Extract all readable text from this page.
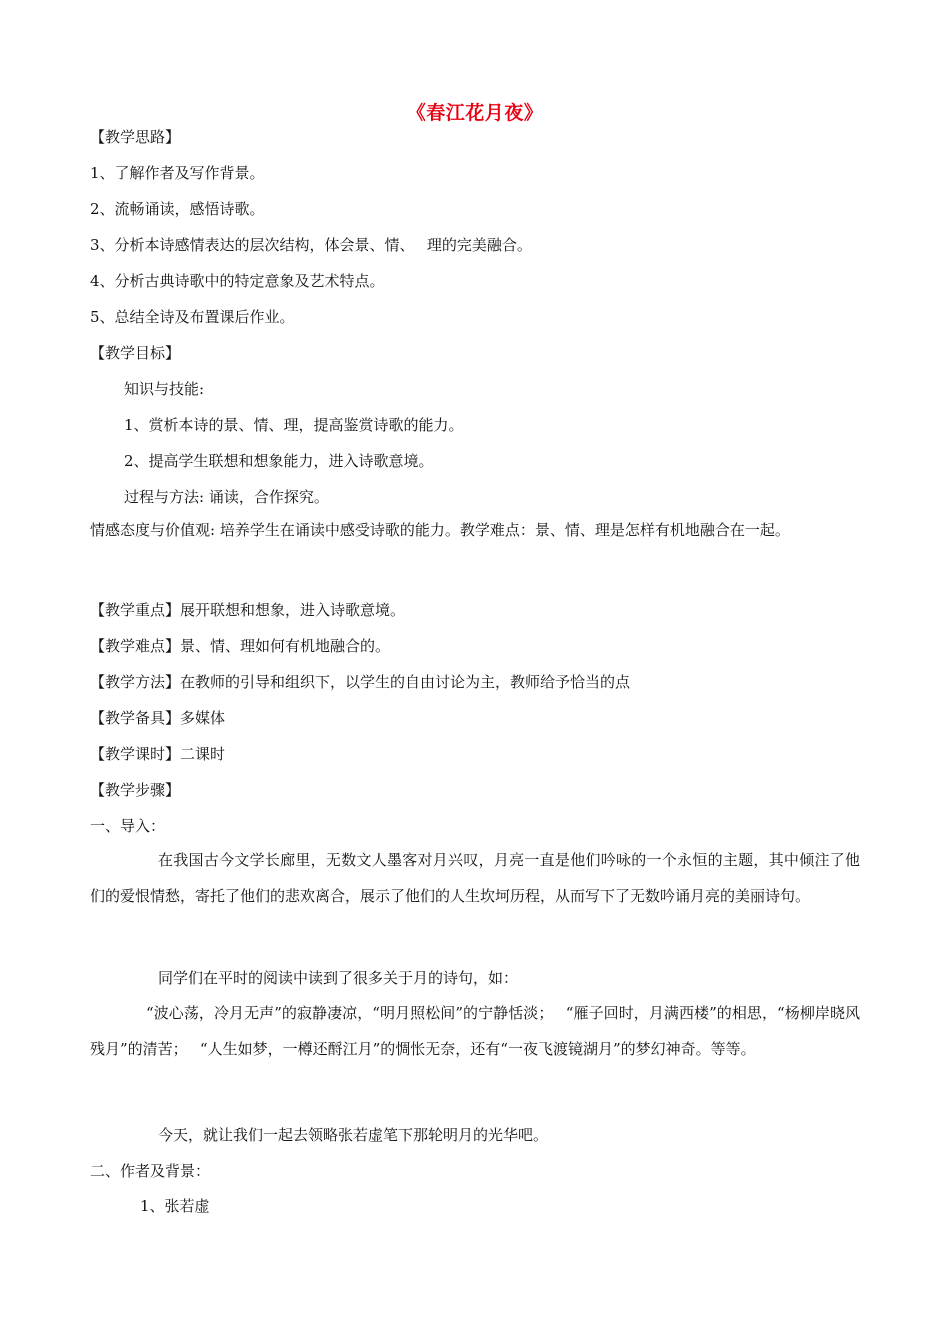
《春江花月夜》
【教学思路】
1、了解作者及写作背景。
2、流畅诵读，感悟诗歌。
3、分析本诗感情表达的层次结构，体会景、情、　 理的完美融合。
4、分析古典诗歌中的特定意象及艺术特点。
5、总结全诗及布置课后作业。
【教学目标】
知识与技能:
1、赏析本诗的景、情、理，提高鉴赏诗歌的能力。
2、提高学生联想和想象能力，进入诗歌意境。
过程与方法: 诵读，合作探究。
情感态度与价值观: 培养学生在诵读中感受诗歌的能力。教学难点：景、情、理是怎样有机地融合在一起。
【教学重点】展开联想和想象，进入诗歌意境。
【教学难点】景、情、理如何有机地融合的。
【教学方法】在教师的引导和组织下，以学生的自由讨论为主，教师给予恰当的点
【教学备具】多媒体
【教学课时】二课时
【教学步骤】
一、导入：
在我国古今文学长廊里，无数文人墨客对月兴叹，月亮一直是他们吟咏的一个永恒的主题，其中倾注了他们的爱恨情愁，寄托了他们的悲欢离合，展示了他们的人生坎坷历程，从而写下了无数吟诵月亮的美丽诗句。
同学们在平时的阅读中读到了很多关于月的诗句，如：
“波心荡，冷月无声”的寂静凄凉，“明月照松间”的宁静恬淡；　 “雁子回时，月满西楼”的相思，“杨柳岸晓风残月”的清苦；　 “人生如梦，一樽还酹江月”的惆怅无奈，还有“一夜飞渡镜湖月”的梦幻神奇。等等。
今天，就让我们一起去领略张若虚笔下那轮明月的光华吧。
二、作者及背景：
1、张若虚
